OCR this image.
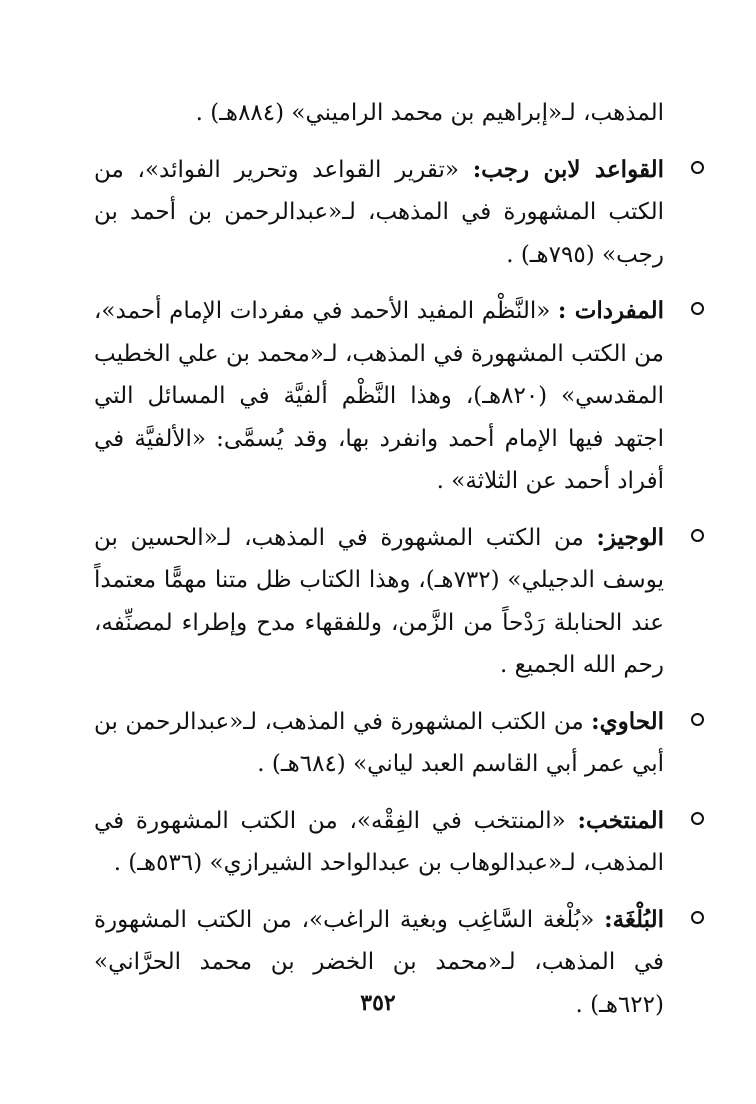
المذهب، لـ«إبراهيم بن محمد الراميني» (٨٨٤هـ) .

القواعد لابن رجب: «تقرير القواعد وتحرير الفوائد»، من الكتب المشهورة في المذهب، لـ«عبدالرحمن بن أحمد بن رجب» (٧٩٥هـ) .
المفردات : «النَّظْم المفيد الأحمد في مفردات الإمام أحمد»، من الكتب المشهورة في المذهب، لـ«محمد بن علي الخطيب المقدسي» (٨٢٠هـ)، وهذا النَّظْم ألفيَّة في المسائل التي اجتهد فيها الإمام أحمد وانفرد بها، وقد يُسمَّى: «الألفيَّة في أفراد أحمد عن الثلاثة» .
الوجيز: من الكتب المشهورة في المذهب، لـ«الحسين بن يوسف الدجيلي» (٧٣٢هـ)، وهذا الكتاب ظل متنا مهمًّا معتمداً عند الحنابلة رَدْحاً من الزَّمن، وللفقهاء مدح وإطراء لمصنِّفه، رحم الله الجميع .
الحاوي: من الكتب المشهورة في المذهب، لـ«عبدالرحمن بن أبي عمر أبي القاسم العبد لياني» (٦٨٤هـ) .
المنتخب: «المنتخب في الفِقْه»، من الكتب المشهورة في المذهب، لـ«عبدالوهاب بن عبدالواحد الشيرازي» (٥٣٦هـ) .
البُلْغَة: «بُلْغة السَّاغِب وبغية الراغب»، من الكتب المشهورة في المذهب، لـ«محمد بن الخضر بن محمد الحرَّاني» (٦٢٢هـ) .
٣٥٢
